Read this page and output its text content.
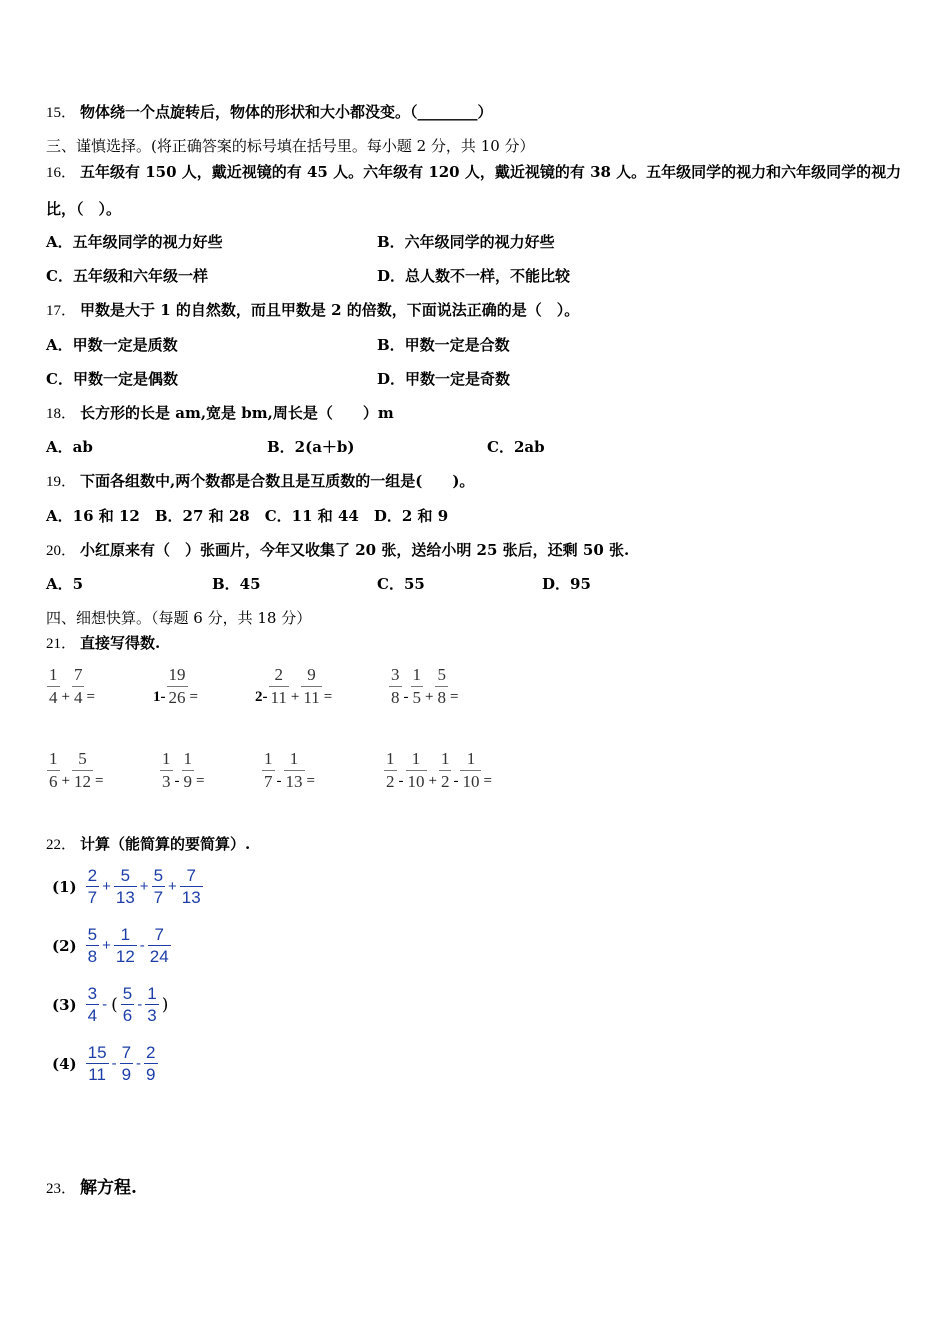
15． 物体绕一个点旋转后，物体的形状和大小都没变。（________）
三、谨慎选择。(将正确答案的标号填在括号里。每小题 2 分，共 10 分）
16． 五年级有 150 人，戴近视镜的有 45 人。六年级有 120 人，戴近视镜的有 38 人。五年级同学的视力和六年级同学的视力比，（　）。
A．五年级同学的视力好些	B．六年级同学的视力好些
C．五年级和六年级一样	D．总人数不一样，不能比较
17． 甲数是大于 1 的自然数，而且甲数是 2 的倍数，下面说法正确的是（　）。
A．甲数一定是质数	B．甲数一定是合数
C．甲数一定是偶数	D．甲数一定是奇数
18． 长方形的长是 am,宽是 bm,周长是（　　）m
A．ab	B．2(a＋b)	C．2ab
19． 下面各组数中,两个数都是合数且是互质数的一组是(　　)。
A．16 和 12　B．27 和 28　C．11 和 44　D．2 和 9
20． 小红原来有（　）张画片，今年又收集了 20 张，送给小明 25 张后，还剩 50 张.
A．5	B．45	C．55	D．95
四、细想快算。（每题 6 分，共 18 分）
21． 直接写得数.
$\frac{1}{4} + \frac{7}{4}$ =	$1- \frac{19}{26}$ =	$2- \frac{2}{11} + \frac{9}{11}$ =	$\frac{3}{8} - \frac{1}{5} + \frac{5}{8}$ =
$\frac{1}{6} + \frac{5}{12}$ =	$\frac{1}{3} - \frac{1}{9}$ =	$\frac{1}{7} - \frac{1}{13}$ =	$\frac{1}{2} - \frac{1}{10} + \frac{1}{2} - \frac{1}{10}$ =
22． 计算（能简算的要简算）.
$(1) \frac{2}{7} + \frac{5}{13} + \frac{5}{7} + \frac{7}{13}$
$(2) \frac{5}{8} + \frac{1}{12} - \frac{7}{24}$
$(3) \frac{3}{4}$ - ( $\frac{5}{6} - \frac{1}{3}$ )
$(4) \frac{15}{11} - \frac{7}{9} - \frac{2}{9}$
23． 解方程.
